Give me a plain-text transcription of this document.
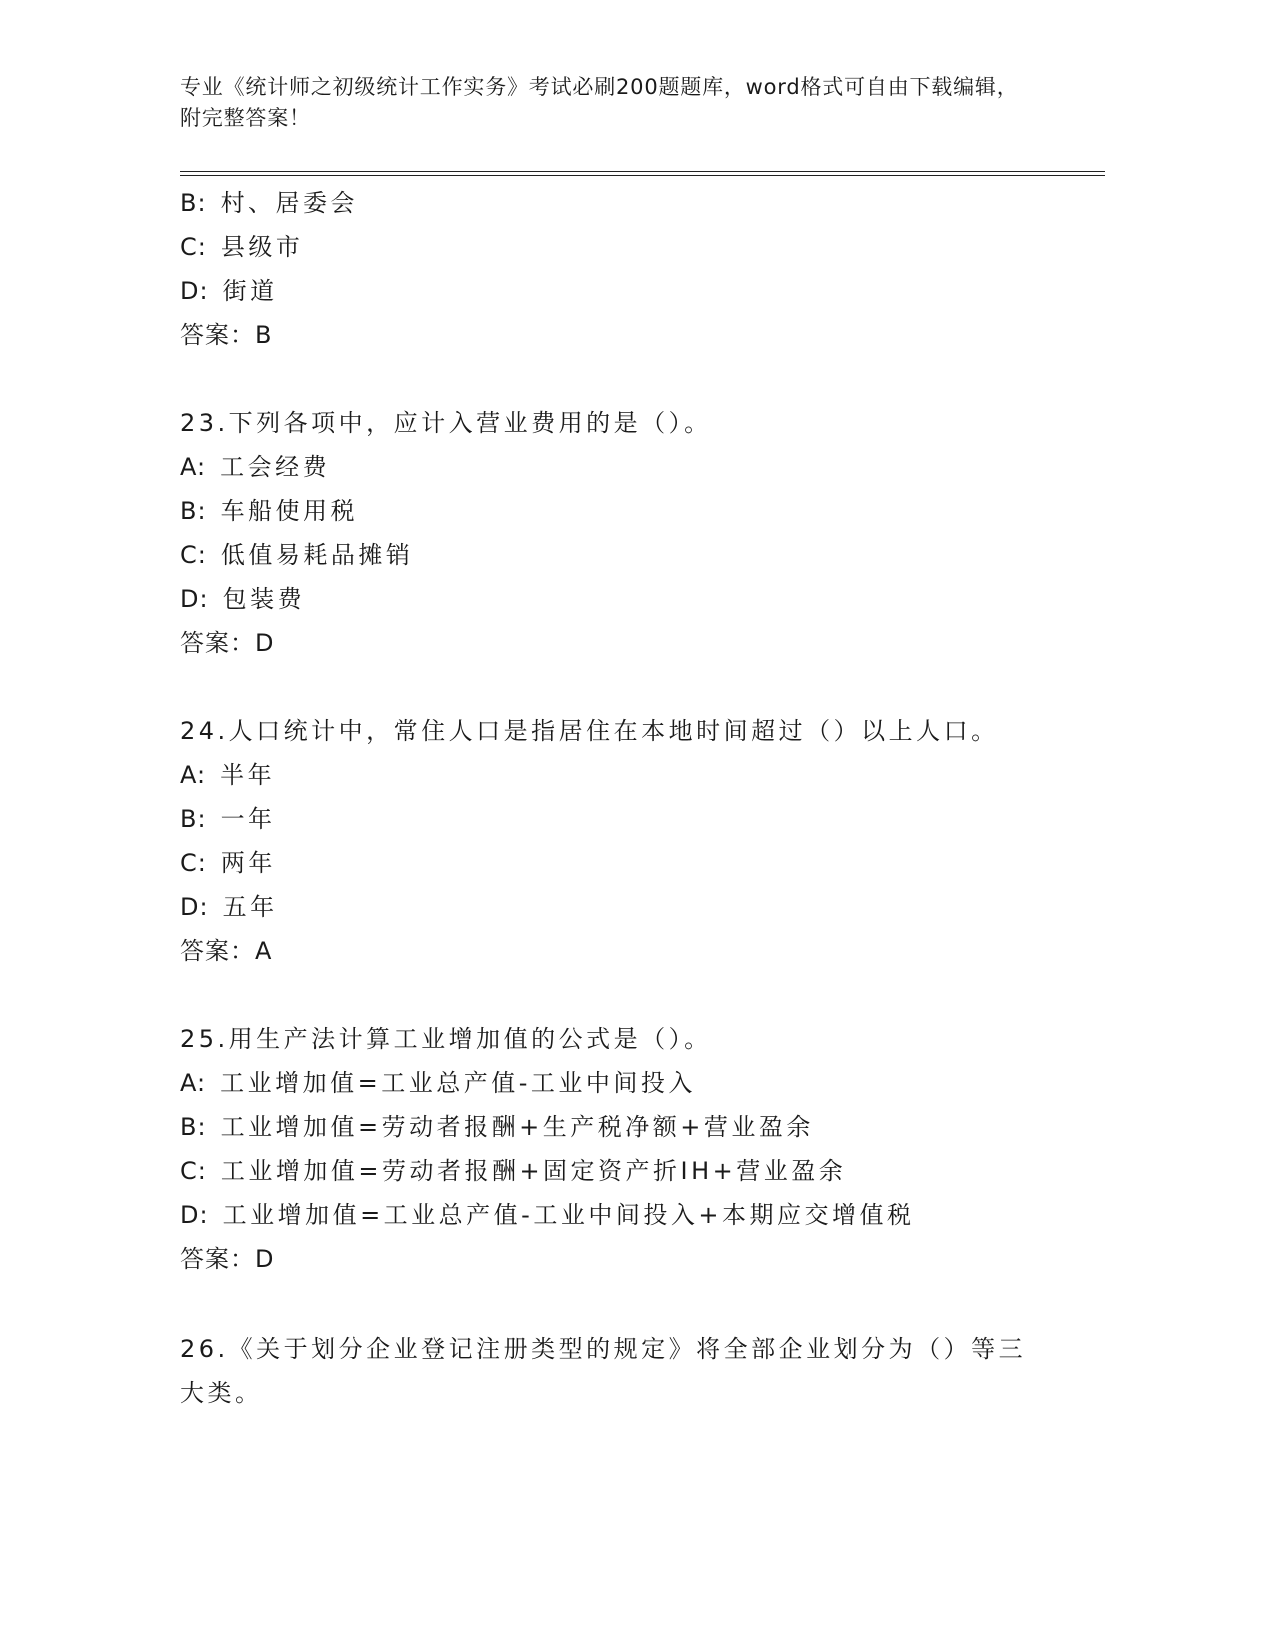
专业《统计师之初级统计工作实务》考试必刷200题题库，word格式可自由下载编辑，附完整答案！

B: 村、居委会

C: 县级市

D: 街道

答案：B

23.下列各项中，应计入营业费用的是（）。

A: 工会经费

B: 车船使用税

C: 低值易耗品摊销

D: 包装费

答案：D

24.人口统计中，常住人口是指居住在本地时间超过（）以上人口。

A: 半年

B: 一年

C: 两年

D: 五年

答案：A

25.用生产法计算工业增加值的公式是（）。

A: 工业增加值=工业总产值-工业中间投入

B: 工业增加值=劳动者报酬+生产税净额+营业盈余

C: 工业增加值=劳动者报酬+固定资产折IH+营业盈余

D: 工业增加值=工业总产值-工业中间投入+本期应交增值税

答案：D

26.《关于划分企业登记注册类型的规定》将全部企业划分为（）等三大类。
